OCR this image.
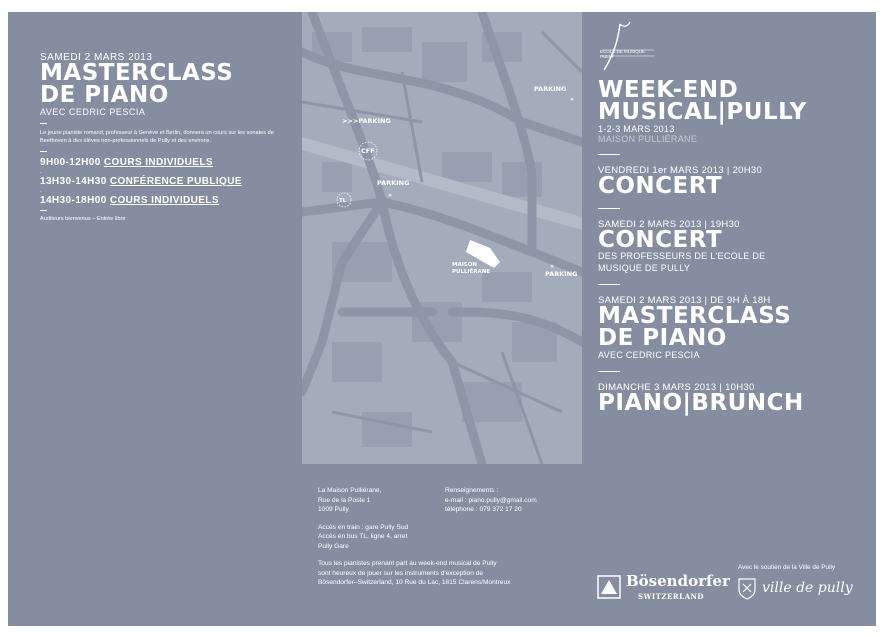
SAMEDI 2 MARS 2013

MASTERCLASS

DE PIANO

AVEC CEDRIC PESCIA

Le jeune pianiste romand, professeur à Genève et Berlin, donnera un cours sur les sonates de Beethoven à des élèves non-professionnels de Pully et des environs.

9H00-12H00 COURS INDIVIDUELS

.

13H30-14H30 CONFÉRENCE PUBLIQUE

.

14H30-18H00 COURS INDIVIDUELS

Auditeurs bienvenus – Entrée libre

PARKING
>>>PARKING
CFF
PARKING
TL
MAISON
PULLIÉRANE	PARKING
»
»
»
ECOLE DE MUSIQUE PULLY

WEEK-END

MUSICAL|PULLY

1-2-3 MARS 2013

MAISON PULLIÉRANE

VENDREDI 1er MARS 2013 | 20H30

CONCERT

SAMEDI 2 MARS 2013 | 19H30

CONCERT

DES PROFESSEURS DE L'ECOLE DE MUSIQUE DE PULLY

SAMEDI 2 MARS 2013 | DE 9H À 18H

MASTERCLASS DE PIANO

AVEC CEDRIC PESCIA

DIMANCHE 3 MARS 2013 | 10H30

PIANO|BRUNCH

La Maison Pulliérane,
Rue de la Poste 1
1009 Pully
Accès en train : gare Pully Sud
Accès en bus TL, ligne 4, arret
Pully Gare
Tous les pianistes prenant part au week-end musical de Pully
sont heureux de jouer sur les instruments d'exception de
Bösendorfer–Switzerland, 10 Rue du Lac, 1815 Clarens/Montreux
Renseignements :
e-mail : piano.pully@gmail.com
téléphone : 079 372 17 20
Bösendorfer
SWITZERLAND
Avec le soutien de la Ville de Pully
ville de pully
